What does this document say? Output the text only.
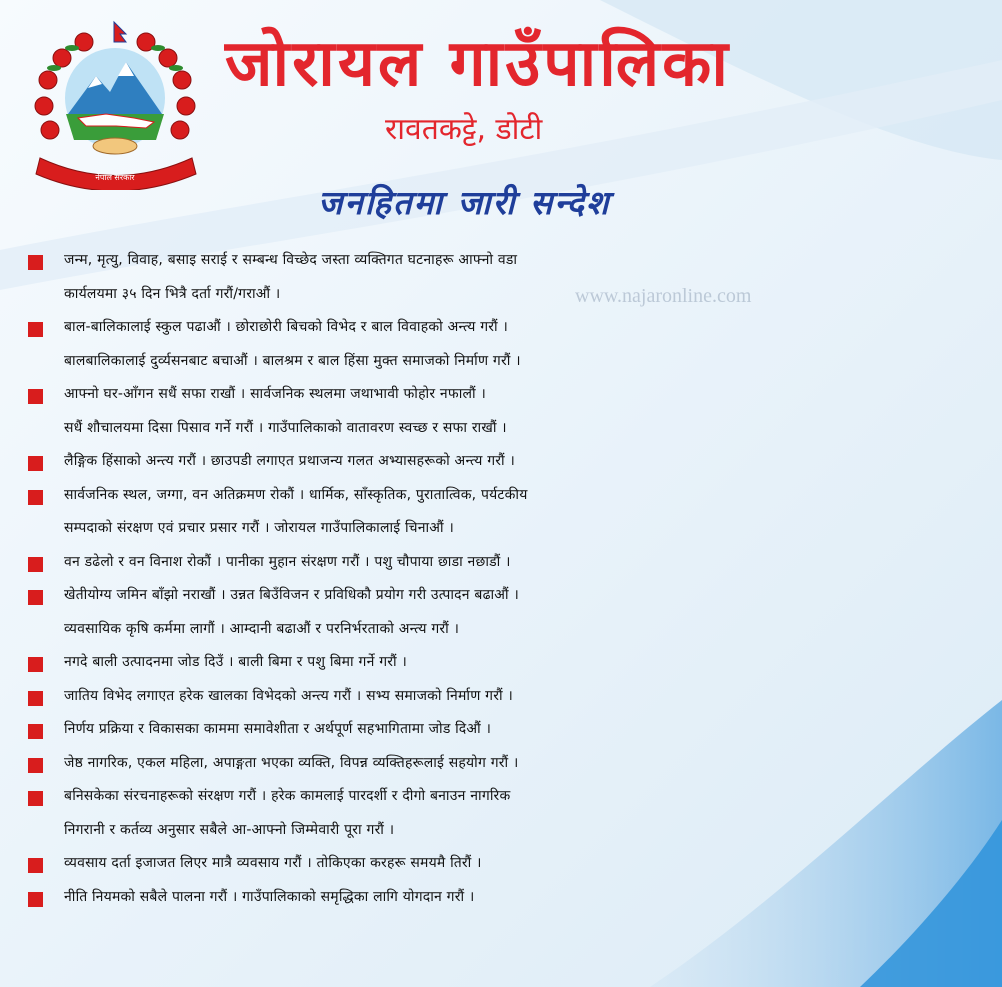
नेपाल सरकार
जोरायल गाउँपालिका
रावतकट्टे, डोटी
जनहितमा जारी सन्देश
www.najaronline.com
जन्म, मृत्यु, विवाह, बसाइ सराई र सम्बन्ध विच्छेद जस्ता व्यक्तिगत घटनाहरू आफ्नो वडा
कार्यलयमा ३५ दिन भित्रै दर्ता गरौं/गराऔं ।
बाल-बालिकालाई स्कुल पढाऔं । छोराछोरी बिचको विभेद र बाल विवाहको अन्त्य गरौं ।
बालबालिकालाई दुर्व्यसनबाट बचाऔं । बालश्रम र बाल हिंसा मुक्त समाजको निर्माण गरौं ।
आफ्नो घर-आँगन सधैं सफा राखौं । सार्वजनिक स्थलमा जथाभावी फोहोर नफालौं ।
सधैं शौचालयमा दिसा पिसाव गर्ने गरौं । गाउँपालिकाको वातावरण स्वच्छ र सफा राखौं ।
लैङ्गिक हिंसाको अन्त्य गरौं । छाउपडी लगाएत प्रथाजन्य गलत अभ्यासहरूको अन्त्य गरौं ।
सार्वजनिक स्थल, जग्गा, वन अतिक्रमण रोकौं । धार्मिक, साँस्कृतिक, पुरातात्विक, पर्यटकीय
सम्पदाको संरक्षण एवं प्रचार प्रसार गरौं । जोरायल गाउँपालिकालाई चिनाऔं ।
वन डढेलो र वन विनाश रोकौं । पानीका मुहान संरक्षण गरौं । पशु चौपाया छाडा नछाडौं ।
खेतीयोग्य जमिन बाँझो नराखौं । उन्नत बिउँविजन र प्रविधिकौ प्रयोग गरी उत्पादन बढाऔं ।
व्यवसायिक कृषि कर्ममा लागौं । आम्दानी बढाऔं र परनिर्भरताको अन्त्य गरौं ।
नगदे बाली उत्पादनमा जोड दिउँ । बाली बिमा र पशु बिमा गर्ने गरौं ।
जातिय विभेद लगाएत हरेक खालका विभेदको अन्त्य गरौं । सभ्य समाजको निर्माण गरौं ।
निर्णय प्रक्रिया र विकासका काममा समावेशीता र अर्थपूर्ण सहभागितामा जोड दिऔं ।
जेष्ठ नागरिक, एकल महिला, अपाङ्गता भएका व्यक्ति, विपन्न व्यक्तिहरूलाई सहयोग गरौं ।
बनिसकेका संरचनाहरूको संरक्षण गरौं । हरेक कामलाई पारदर्शी र दीगो बनाउन नागरिक
निगरानी र कर्तव्य अनुसार सबैले आ-आफ्नो जिम्मेवारी पूरा गरौं ।
व्यवसाय दर्ता इजाजत लिएर मात्रै व्यवसाय गरौं । तोकिएका करहरू समयमै तिरौं ।
नीति नियमको सबैले पालना गरौं । गाउँपालिकाको समृद्धिका लागि योगदान गरौं ।
